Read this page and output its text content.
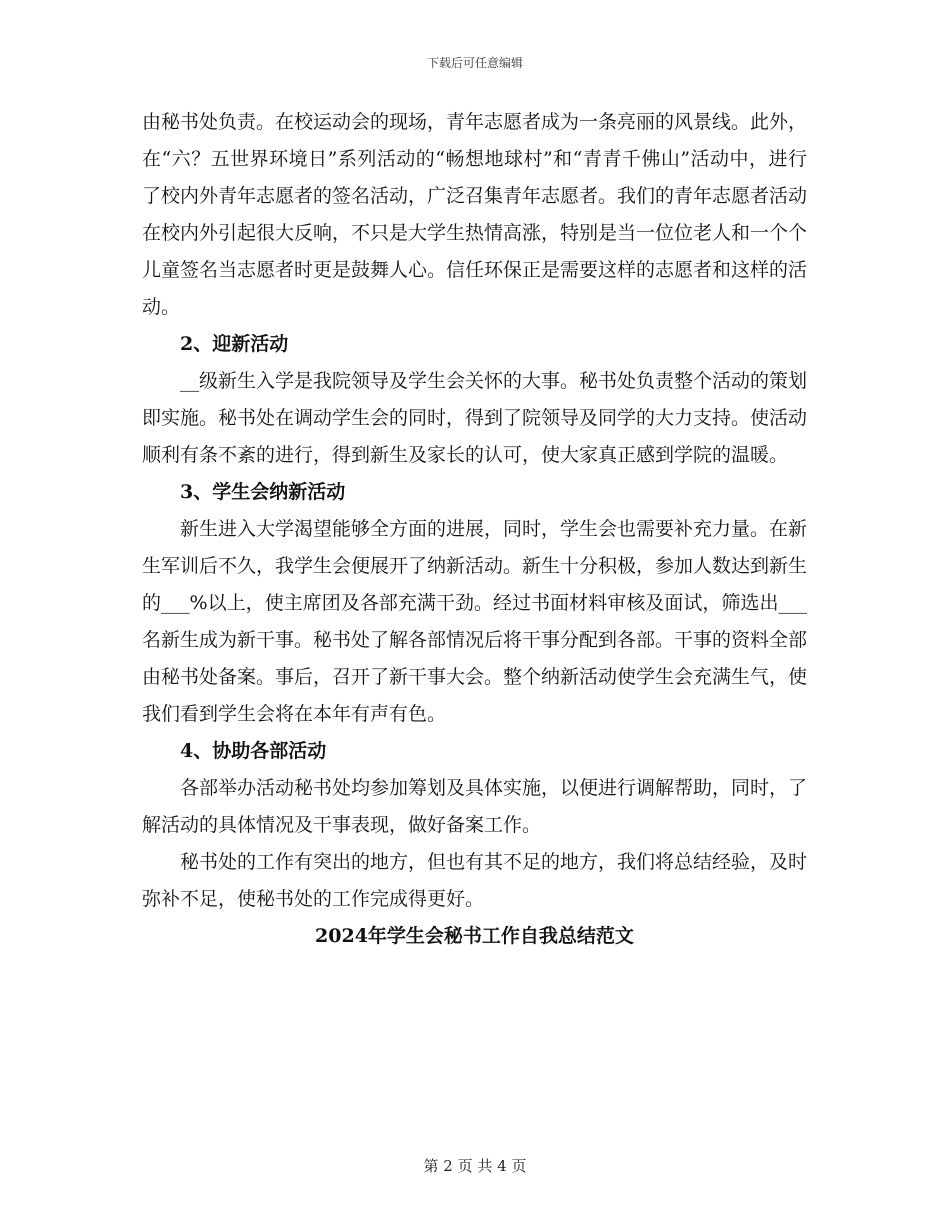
下载后可任意编辑

由秘书处负责。在校运动会的现场，青年志愿者成为一条亮丽的风景线。此外，在“六？五世界环境日”系列活动的“畅想地球村”和“青青千佛山”活动中，进行了校内外青年志愿者的签名活动，广泛召集青年志愿者。我们的青年志愿者活动在校内外引起很大反响，不只是大学生热情高涨，特别是当一位位老人和一个个儿童签名当志愿者时更是鼓舞人心。信任环保正是需要这样的志愿者和这样的活动。

2、迎新活动

__级新生入学是我院领导及学生会关怀的大事。秘书处负责整个活动的策划即实施。秘书处在调动学生会的同时，得到了院领导及同学的大力支持。使活动顺利有条不紊的进行，得到新生及家长的认可，使大家真正感到学院的温暖。

3、学生会纳新活动

新生进入大学渴望能够全方面的进展，同时，学生会也需要补充力量。在新生军训后不久，我学生会便展开了纳新活动。新生十分积极，参加人数达到新生的___%以上，使主席团及各部充满干劲。经过书面材料审核及面试，筛选出___名新生成为新干事。秘书处了解各部情况后将干事分配到各部。干事的资料全部由秘书处备案。事后，召开了新干事大会。整个纳新活动使学生会充满生气，使我们看到学生会将在本年有声有色。

4、协助各部活动

各部举办活动秘书处均参加筹划及具体实施，以便进行调解帮助，同时，了解活动的具体情况及干事表现，做好备案工作。

秘书处的工作有突出的地方，但也有其不足的地方，我们将总结经验，及时弥补不足，使秘书处的工作完成得更好。

2024年学生会秘书工作自我总结范文

第 2 页 共 4 页
